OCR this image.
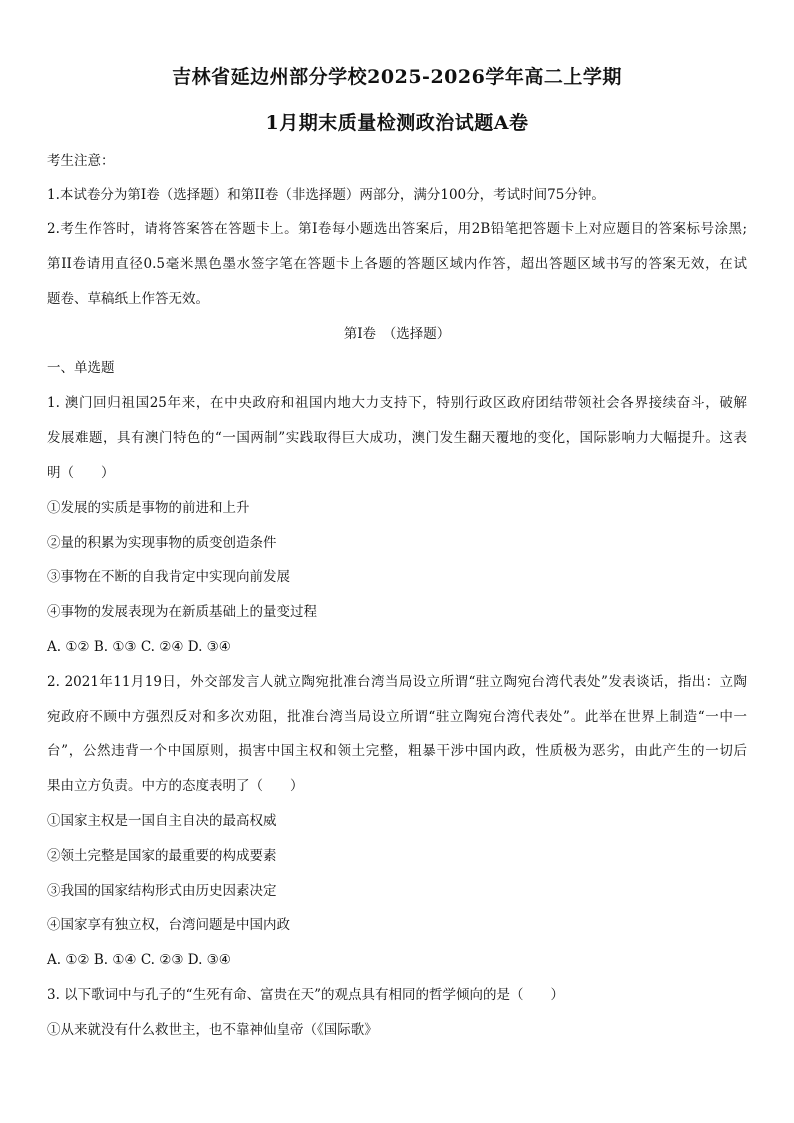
吉林省延边州部分学校2025-2026学年高二上学期
1月期末质量检测政治试题A卷
考生注意：
1.本试卷分为第I卷（选择题）和第II卷（非选择题）两部分，满分100分，考试时间75分钟。
2.考生作答时，请将答案答在答题卡上。第I卷每小题选出答案后，用2B铅笔把答题卡上对应题目的答案标号涂黑;
第II卷请用直径0.5毫米黑色墨水签字笔在答题卡上各题的答题区域内作答，超出答题区域书写的答案无效，在试
题卷、草稿纸上作答无效。
第I卷　（选择题）
一、单选题
1. 澳门回归祖国25年来，在中央政府和祖国内地大力支持下，特别行政区政府团结带领社会各界接续奋斗，破解
发展难题，具有澳门特色的“一国两制”实践取得巨大成功，澳门发生翻天覆地的变化，国际影响力大幅提升。这表
明（　　）
①发展的实质是事物的前进和上升
②量的积累为实现事物的质变创造条件
③事物在不断的自我肯定中实现向前发展
④事物的发展表现为在新质基础上的量变过程
A. ①② B. ①③ C. ②④ D. ③④
2. 2021年11月19日，外交部发言人就立陶宛批准台湾当局设立所谓“驻立陶宛台湾代表处”发表谈话，指出：立陶
宛政府不顾中方强烈反对和多次劝阻，批准台湾当局设立所谓“驻立陶宛台湾代表处”。此举在世界上制造“一中一
台”，公然违背一个中国原则，损害中国主权和领土完整，粗暴干涉中国内政，性质极为恶劣，由此产生的一切后
果由立方负责。中方的态度表明了（　　）
①国家主权是一国自主自决的最高权威
②领土完整是国家的最重要的构成要素
③我国的国家结构形式由历史因素决定
④国家享有独立权，台湾问题是中国内政
A. ①② B. ①④ C. ②③ D. ③④
3. 以下歌词中与孔子的“生死有命、富贵在天”的观点具有相同的哲学倾向的是（　　）
①从来就没有什么救世主，也不靠神仙皇帝（《国际歌》
